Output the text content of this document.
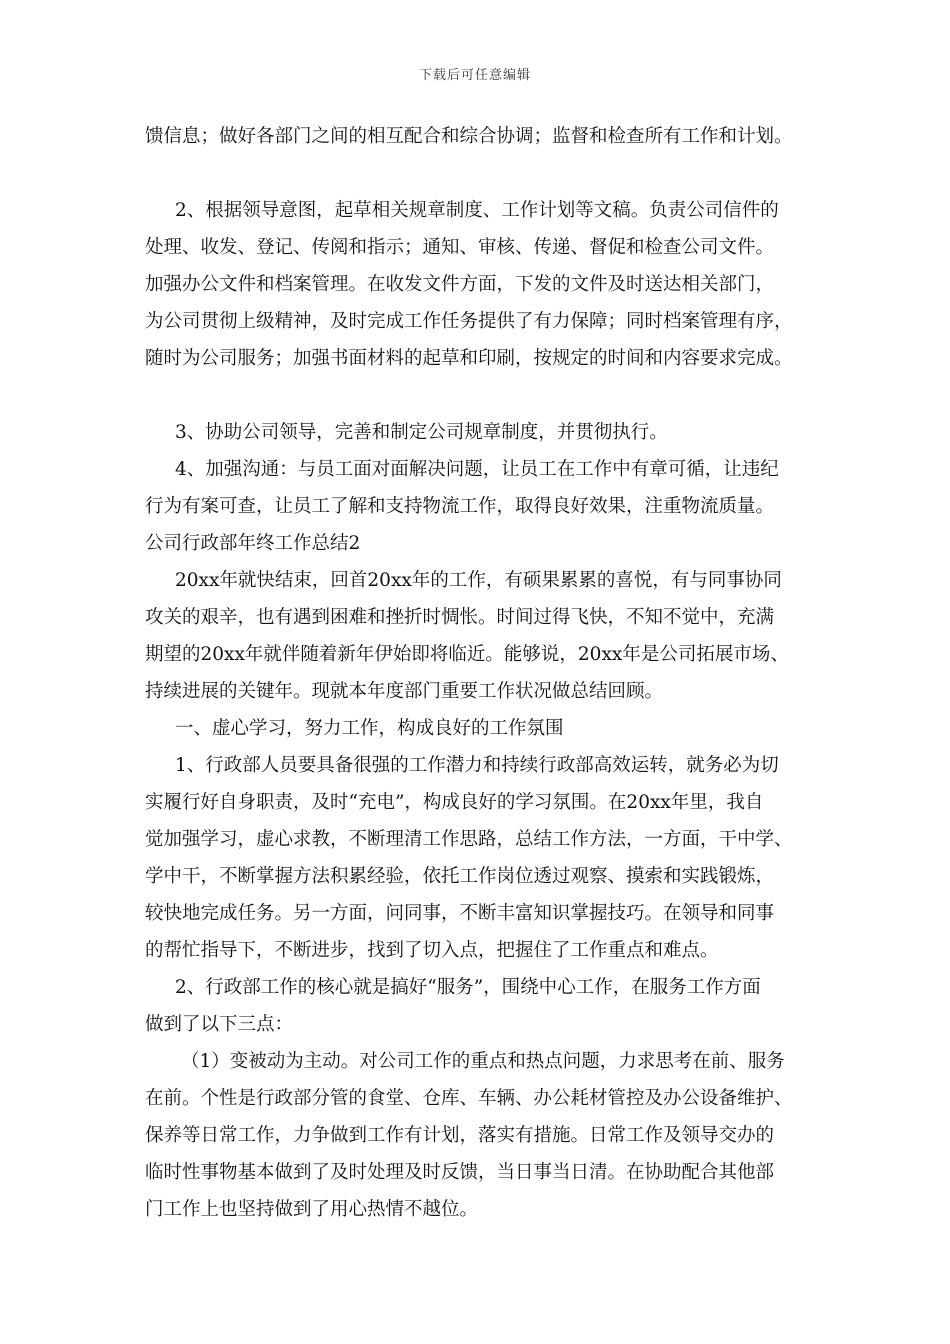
下载后可任意编辑
馈信息；做好各部门之间的相互配合和综合协调；监督和检查所有工作和计划。
2、根据领导意图，起草相关规章制度、工作计划等文稿。负责公司信件的
处理、收发、登记、传阅和指示；通知、审核、传递、督促和检查公司文件。
加强办公文件和档案管理。在收发文件方面，下发的文件及时送达相关部门，
为公司贯彻上级精神，及时完成工作任务提供了有力保障；同时档案管理有序，
随时为公司服务；加强书面材料的起草和印刷，按规定的时间和内容要求完成。
3、协助公司领导，完善和制定公司规章制度，并贯彻执行。
4、加强沟通：与员工面对面解决问题，让员工在工作中有章可循，让违纪
行为有案可查，让员工了解和支持物流工作，取得良好效果，注重物流质量。
公司行政部年终工作总结2
20xx年就快结束，回首20xx年的工作，有硕果累累的喜悦，有与同事协同
攻关的艰辛，也有遇到困难和挫折时惆怅。时间过得飞快，不知不觉中，充满
期望的20xx年就伴随着新年伊始即将临近。能够说，20xx年是公司拓展市场、
持续进展的关键年。现就本年度部门重要工作状况做总结回顾。
一、虚心学习，努力工作，构成良好的工作氛围
1、行政部人员要具备很强的工作潜力和持续行政部高效运转，就务必为切
实履行好自身职责，及时“充电”，构成良好的学习氛围。在20xx年里，我自
觉加强学习，虚心求教，不断理清工作思路，总结工作方法，一方面，干中学、
学中干，不断掌握方法积累经验，依托工作岗位透过观察、摸索和实践锻炼，
较快地完成任务。另一方面，问同事，不断丰富知识掌握技巧。在领导和同事
的帮忙指导下，不断进步，找到了切入点，把握住了工作重点和难点。
2、行政部工作的核心就是搞好“服务”，围绕中心工作，在服务工作方面
做到了以下三点：
（1）变被动为主动。对公司工作的重点和热点问题，力求思考在前、服务
在前。个性是行政部分管的食堂、仓库、车辆、办公耗材管控及办公设备维护、
保养等日常工作，力争做到工作有计划，落实有措施。日常工作及领导交办的
临时性事物基本做到了及时处理及时反馈，当日事当日清。在协助配合其他部
门工作上也坚持做到了用心热情不越位。
